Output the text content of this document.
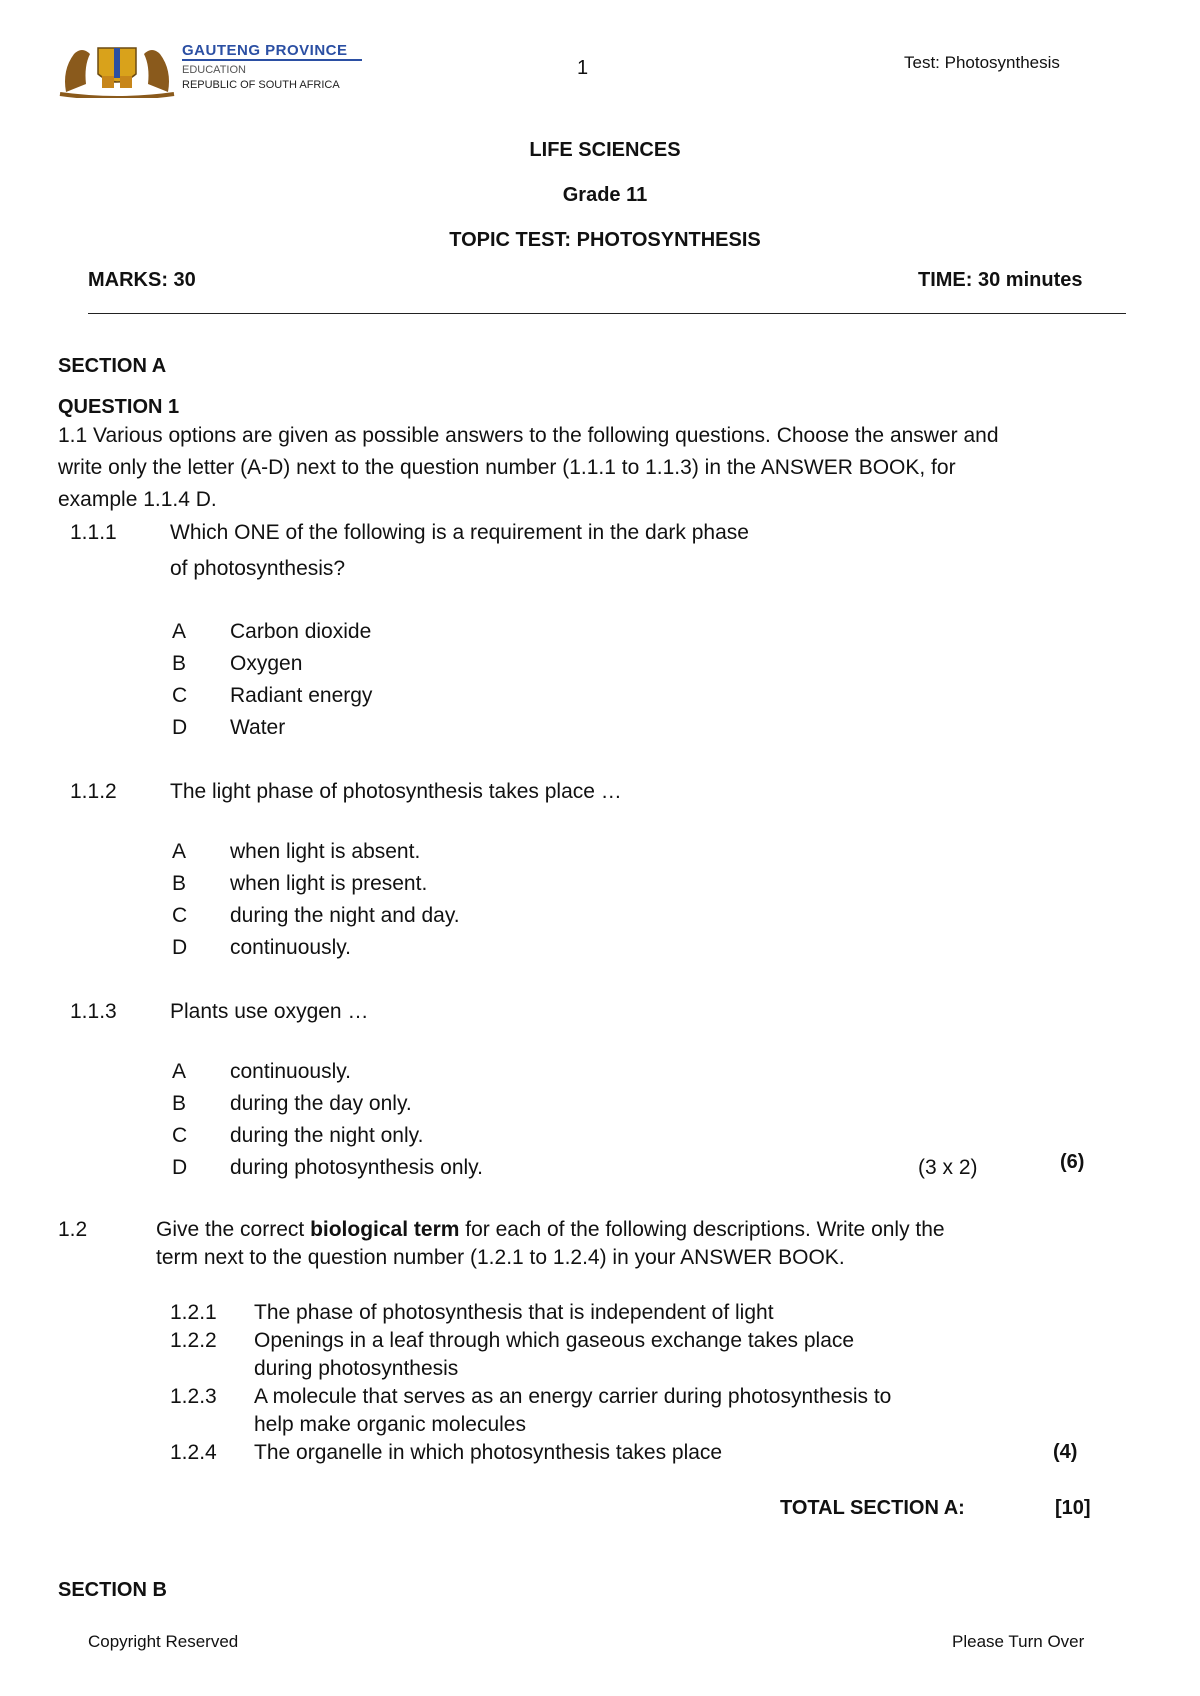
GAUTENG PROVINCE
EDUCATION
REPUBLIC OF SOUTH AFRICA
1	Test: Photosynthesis
LIFE SCIENCES
Grade 11
TOPIC TEST: PHOTOSYNTHESIS
MARKS: 30	TIME: 30 minutes
SECTION A
QUESTION 1
1.1 Various options are given as possible answers to the following questions. Choose the answer and
write only the letter (A-D) next to the question number (1.1.1 to 1.1.3) in the ANSWER BOOK, for
example 1.1.4 D.
1.1.1	Which ONE of the following is a requirement in the dark phase
of photosynthesis?
A Carbon dioxide
B Oxygen
C Radiant energy
D Water
1.1.2	The light phase of photosynthesis takes place …
A when light is absent.
B when light is present.
C during the night and day.
D continuously.
1.1.3	Plants use oxygen …
A continuously.
B during the day only.
C during the night only.
D during photosynthesis only.	(3 x 2)	(6)
1.2	Give the correct biological term for each of the following descriptions. Write only the
term next to the question number (1.2.1 to 1.2.4) in your ANSWER BOOK.
1.2.1 The phase of photosynthesis that is independent of light
1.2.2 Openings in a leaf through which gaseous exchange takes place
during photosynthesis
1.2.3 A molecule that serves as an energy carrier during photosynthesis to
help make organic molecules
1.2.4 The organelle in which photosynthesis takes place	(4)
TOTAL SECTION A:	[10]
SECTION B
Copyright Reserved	Please Turn Over
